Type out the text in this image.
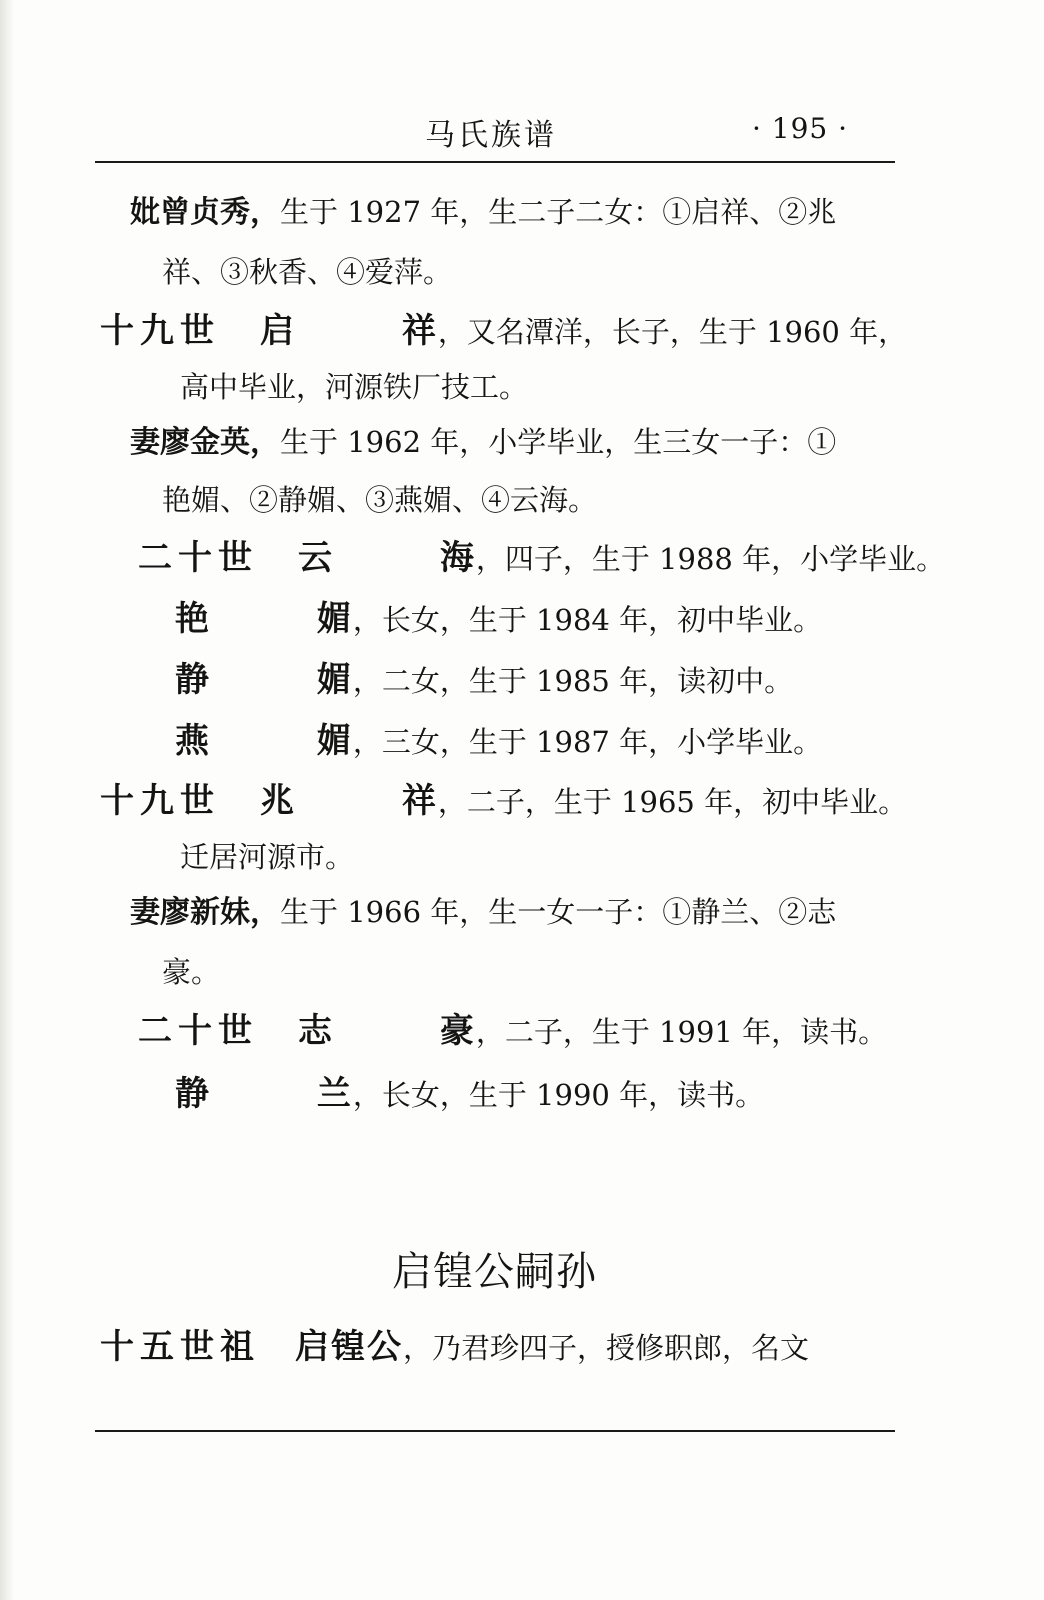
马氏族谱	· 195 ·
妣曾贞秀，生于 1927 年，生二子二女：①启祥、②兆
祥、③秋香、④爱萍。
十九世 启 祥，又名潭洋，长子，生于 1960 年，
高中毕业，河源铁厂技工。
妻廖金英，生于 1962 年，小学毕业，生三女一子：①
艳媚、②静媚、③燕媚、④云海。
二十世 云 海，四子，生于 1988 年，小学毕业。
艳 媚，长女，生于 1984 年，初中毕业。
静 媚，二女，生于 1985 年，读初中。
燕 媚，三女，生于 1987 年，小学毕业。
十九世 兆 祥，二子，生于 1965 年，初中毕业。
迁居河源市。
妻廖新妹，生于 1966 年，生一女一子：①静兰、②志
豪。
二十世 志 豪，二子，生于 1991 年，读书。
静 兰，长女，生于 1990 年，读书。
启锽公嗣孙
十五世祖 启锽公，乃君珍四子，授修职郎，名文
